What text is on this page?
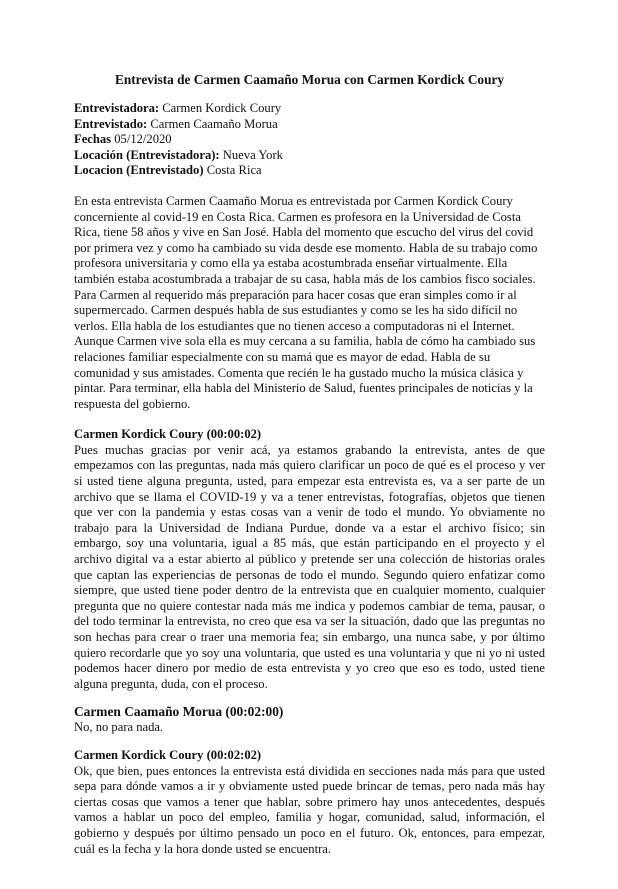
Entrevista de Carmen Caamaño Morua con Carmen Kordick Coury
Entrevistadora: Carmen Kordick Coury
Entrevistado: Carmen Caamaño Morua
Fechas 05/12/2020
Locación (Entrevistadora): Nueva York
Locacion (Entrevistado) Costa Rica

En esta entrevista Carmen Caamaño Morua es entrevistada por Carmen Kordick Coury concerniente al covid-19 en Costa Rica. Carmen es profesora en la Universidad de Costa Rica, tiene 58 años y vive en San José. Habla del momento que escucho del virus del covid por primera vez y como ha cambiado su vida desde ese momento. Habla de su trabajo como profesora universitaria y como ella ya estaba acostumbrada enseñar virtualmente. Ella también estaba acostumbrada a trabajar de su casa, habla más de los cambios fisco sociales. Para Carmen al requerido más preparación para hacer cosas que eran simples como ir al supermercado. Carmen después habla de sus estudiantes y como se les ha sido difícil no verlos. Ella habla de los estudiantes que no tienen acceso a computadoras ni el Internet. Aunque Carmen vive sola ella es muy cercana a su familia, habla de cómo ha cambiado sus relaciones familiar especialmente con su mamá que es mayor de edad. Habla de su comunidad y sus amistades. Comenta que recién le ha gustado mucho la música clásica y pintar. Para terminar, ella habla del Ministerio de Salud, fuentes principales de noticias y la respuesta del gobierno.

Carmen Kordick Coury (00:00:02)

Pues muchas gracias por venir acá, ya estamos grabando la entrevista, antes de que empezamos con las preguntas, nada más quiero clarificar un poco de qué es el proceso y ver si usted tiene alguna pregunta, usted, para empezar esta entrevista es, va a ser parte de un archivo que se llama el COVID-19 y va a tener entrevistas, fotografías, objetos que tienen que ver con la pandemia y estas cosas van a venir de todo el mundo. Yo obviamente no trabajo para la Universidad de Indiana Purdue, donde va a estar el archivo físico; sin embargo, soy una voluntaria, igual a 85 más, que están participando en el proyecto y el archivo digital va a estar abierto al público y pretende ser una colección de historias orales que captan las experiencias de personas de todo el mundo. Segundo quiero enfatizar como siempre, que usted tiene poder dentro de la entrevista que en cualquier momento, cualquier pregunta que no quiere contestar nada más me indica y podemos cambiar de tema, pausar, o del todo terminar la entrevista, no creo que esa va ser la situación, dado que las preguntas no son hechas para crear o traer una memoria fea; sin embargo, una nunca sabe, y por último quiero recordarle que yo soy una voluntaria, que usted es una voluntaria y que ni yo ni usted podemos hacer dinero por medio de esta entrevista y yo creo que eso es todo, usted tiene alguna pregunta, duda, con el proceso.

Carmen Caamaño Morua (00:02:00)

No, no para nada.

Carmen Kordick Coury (00:02:02)

Ok, que bien, pues entonces la entrevista está dividida en secciones nada más para que usted sepa para dónde vamos a ir y obviamente usted puede brincar de temas, pero nada más hay ciertas cosas que vamos a tener que hablar, sobre primero hay unos antecedentes, después vamos a hablar un poco del empleo, familia y hogar, comunidad, salud, información, el gobierno y después por último pensado un poco en el futuro. Ok, entonces, para empezar, cuál es la fecha y la hora donde usted se encuentra.
